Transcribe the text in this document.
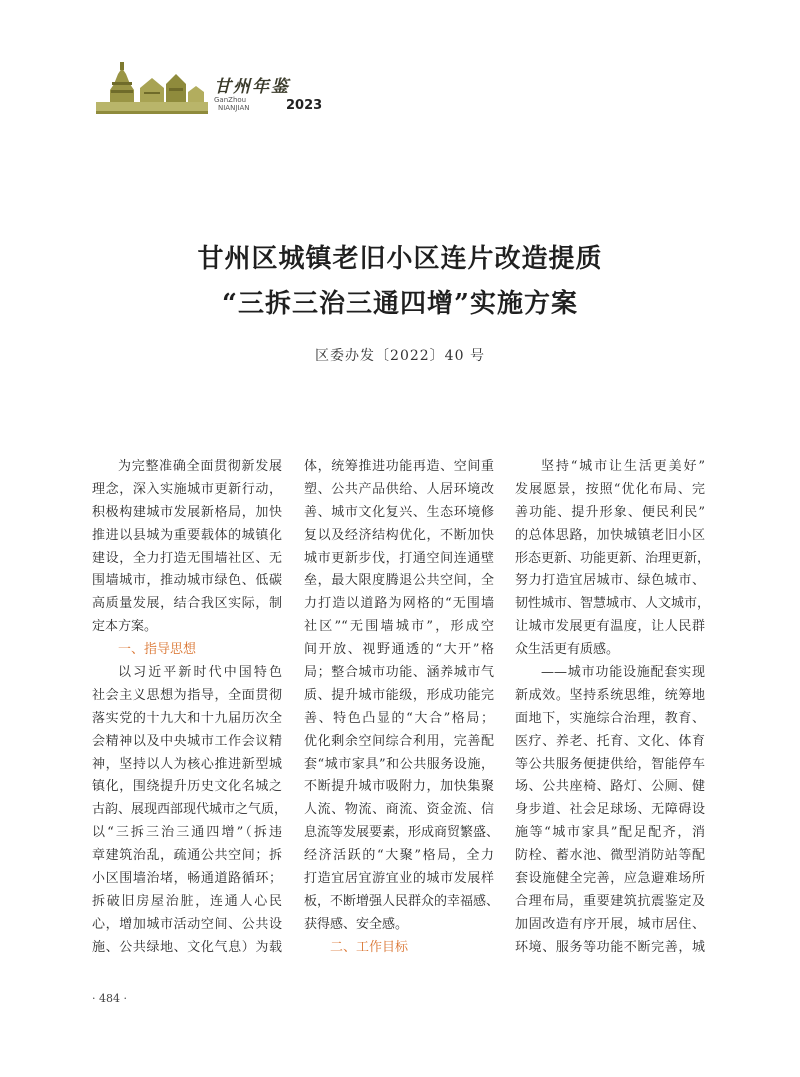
甘州年鉴
GanZhou
NIANJIAN	2023
甘州区城镇老旧小区连片改造提质
“三拆三治三通四增”实施方案
区委办发〔2022〕40 号
为完整准确全面贯彻新发展
理念，深入实施城市更新行动，
积极构建城市发展新格局，加快
推进以县城为重要载体的城镇化
建设，全力打造无围墙社区、无
围墙城市，推动城市绿色、低碳
高质量发展，结合我区实际，制
定本方案。
一、指导思想
以习近平新时代中国特色
社会主义思想为指导，全面贯彻
落实党的十九大和十九届历次全
会精神以及中央城市工作会议精
神，坚持以人为核心推进新型城
镇化，围绕提升历史文化名城之
古韵、展现西部现代城市之气质，
以“三拆三治三通四增”（拆违
章建筑治乱，疏通公共空间；拆
小区围墙治堵，畅通道路循环；
拆破旧房屋治脏，连通人心民
心，增加城市活动空间、公共设
施、公共绿地、文化气息）为载
体，统筹推进功能再造、空间重
塑、公共产品供给、人居环境改
善、城市文化复兴、生态环境修
复以及经济结构优化，不断加快
城市更新步伐，打通空间连通壁
垒，最大限度腾退公共空间，全
力打造以道路为网格的“无围墙
社区”“无围墙城市”，形成空
间开放、视野通透的“大开”格
局；整合城市功能、涵养城市气
质、提升城市能级，形成功能完
善、特色凸显的“大合”格局；
优化剩余空间综合利用，完善配
套“城市家具”和公共服务设施，
不断提升城市吸附力，加快集聚
人流、物流、商流、资金流、信
息流等发展要素，形成商贸繁盛、
经济活跃的“大聚”格局，全力
打造宜居宜游宜业的城市发展样
板，不断增强人民群众的幸福感、
获得感、安全感。
二、工作目标
坚持“城市让生活更美好”
发展愿景，按照“优化布局、完
善功能、提升形象、便民利民”
的总体思路，加快城镇老旧小区
形态更新、功能更新、治理更新，
努力打造宜居城市、绿色城市、
韧性城市、智慧城市、人文城市，
让城市发展更有温度，让人民群
众生活更有质感。
——城市功能设施配套实现
新成效。坚持系统思维，统筹地
面地下，实施综合治理，教育、
医疗、养老、托育、文化、体育
等公共服务便捷供给，智能停车
场、公共座椅、路灯、公厕、健
身步道、社会足球场、无障碍设
施等“城市家具”配足配齐，消
防栓、蓄水池、微型消防站等配
套设施健全完善，应急避难场所
合理布局，重要建筑抗震鉴定及
加固改造有序开展，城市居住、
环境、服务等功能不断完善，城
· 484 ·
